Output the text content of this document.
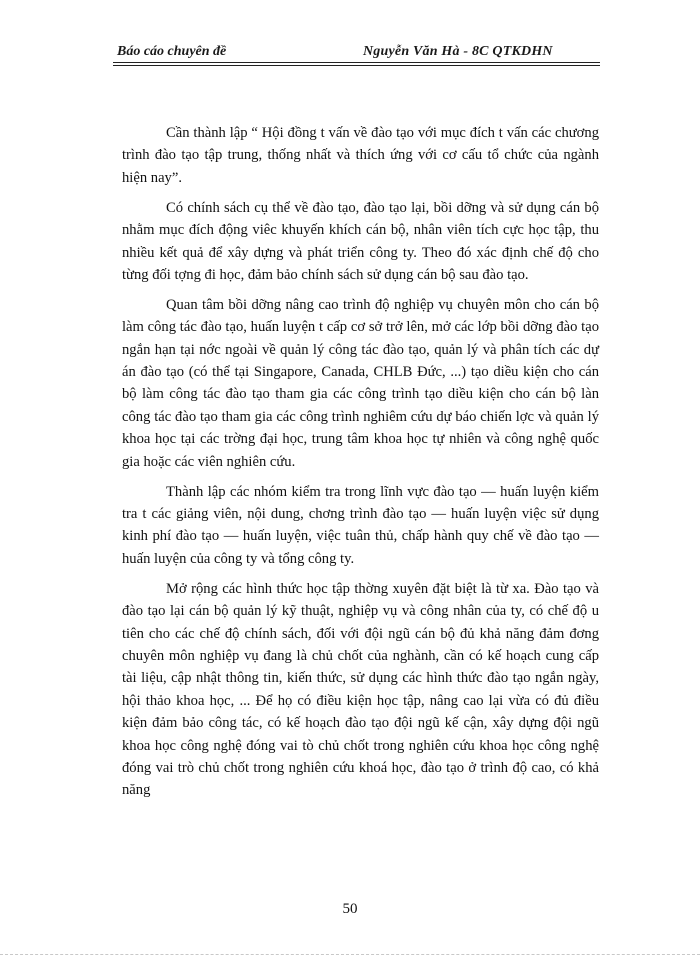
Báo cáo chuyên đề	Nguyễn Văn Hà - 8C QTKDHN

Cần thành lập “ Hội đồng t vấn về đào tạo với mục đích t vấn các chương trình đào tạo tập trung, thống nhất và thích ứng với cơ cấu tổ chức của ngành hiện nay”.

Có chính sách cụ thể về đào tạo, đào tạo lại, bồi dỡng và sử dụng cán bộ nhằm mục đích động viêc khuyến khích cán bộ, nhân viên tích cực học tập, thu nhiều kết quả để xây dựng và phát triển công ty. Theo đó xác định chế độ cho từng đối tợng đi học, đảm bảo chính sách sử dụng cán bộ sau đào tạo.

Quan tâm bồi dỡng nâng cao trình độ nghiệp vụ chuyên môn cho cán bộ làm công tác đào tạo, huấn luyện t cấp cơ sở trở lên, mở các lớp bồi dỡng đào tạo ngắn hạn tại nớc ngoài về quản lý công tác đào tạo, quản lý và phân tích các dự án đào tạo (có thể tại Singapore, Canada, CHLB Đức, ...) tạo diều kiện cho cán bộ làm công tác đào tạo tham gia các công trình tạo diều kiện cho cán bộ làn công tác đào tạo tham gia các công trình nghiêm cứu dự báo chiến lợc và quản lý khoa học tại các trờng đại học, trung tâm khoa học tự nhiên và công nghệ quốc gia hoặc các viên nghiên cứu.

Thành lập các nhóm kiểm tra trong lĩnh vực đào tạo — huấn luyện kiểm tra t các giảng viên, nội dung, chơng trình đào tạo — huấn luyện việc sử dụng kinh phí đào tạo — huấn luyện, việc tuân thủ, chấp hành quy chế về đào tạo — huấn luyện của công ty và tổng công ty.

Mở rộng các hình thức học tập thờng xuyên đặt biệt là từ xa. Đào tạo và đào tạo lại cán bộ quản lý kỹ thuật, nghiệp vụ và công nhân của ty, có chế độ u tiên cho các chế độ chính sách, đối với đội ngũ cán bộ đủ khả năng đảm đơng chuyên môn nghiệp vụ đang là chủ chốt của nghành, cần có kế hoạch cung cấp tài liệu, cập nhật thông tin, kiến thức, sử dụng các hình thức đào tạo ngắn ngày, hội thảo khoa học, ... Để họ có điều kiện học tập, nâng cao lại vừa có đủ điều kiện đảm bảo công tác, có kế hoạch đào tạo đội ngũ kế cận, xây dựng đội ngũ khoa học công nghệ đóng vai tò chủ chốt trong nghiên cứu khoa học công nghệ đóng vai trò chủ chốt trong nghiên cứu khoá học, đào tạo ở trình độ cao, có khả năng

50
